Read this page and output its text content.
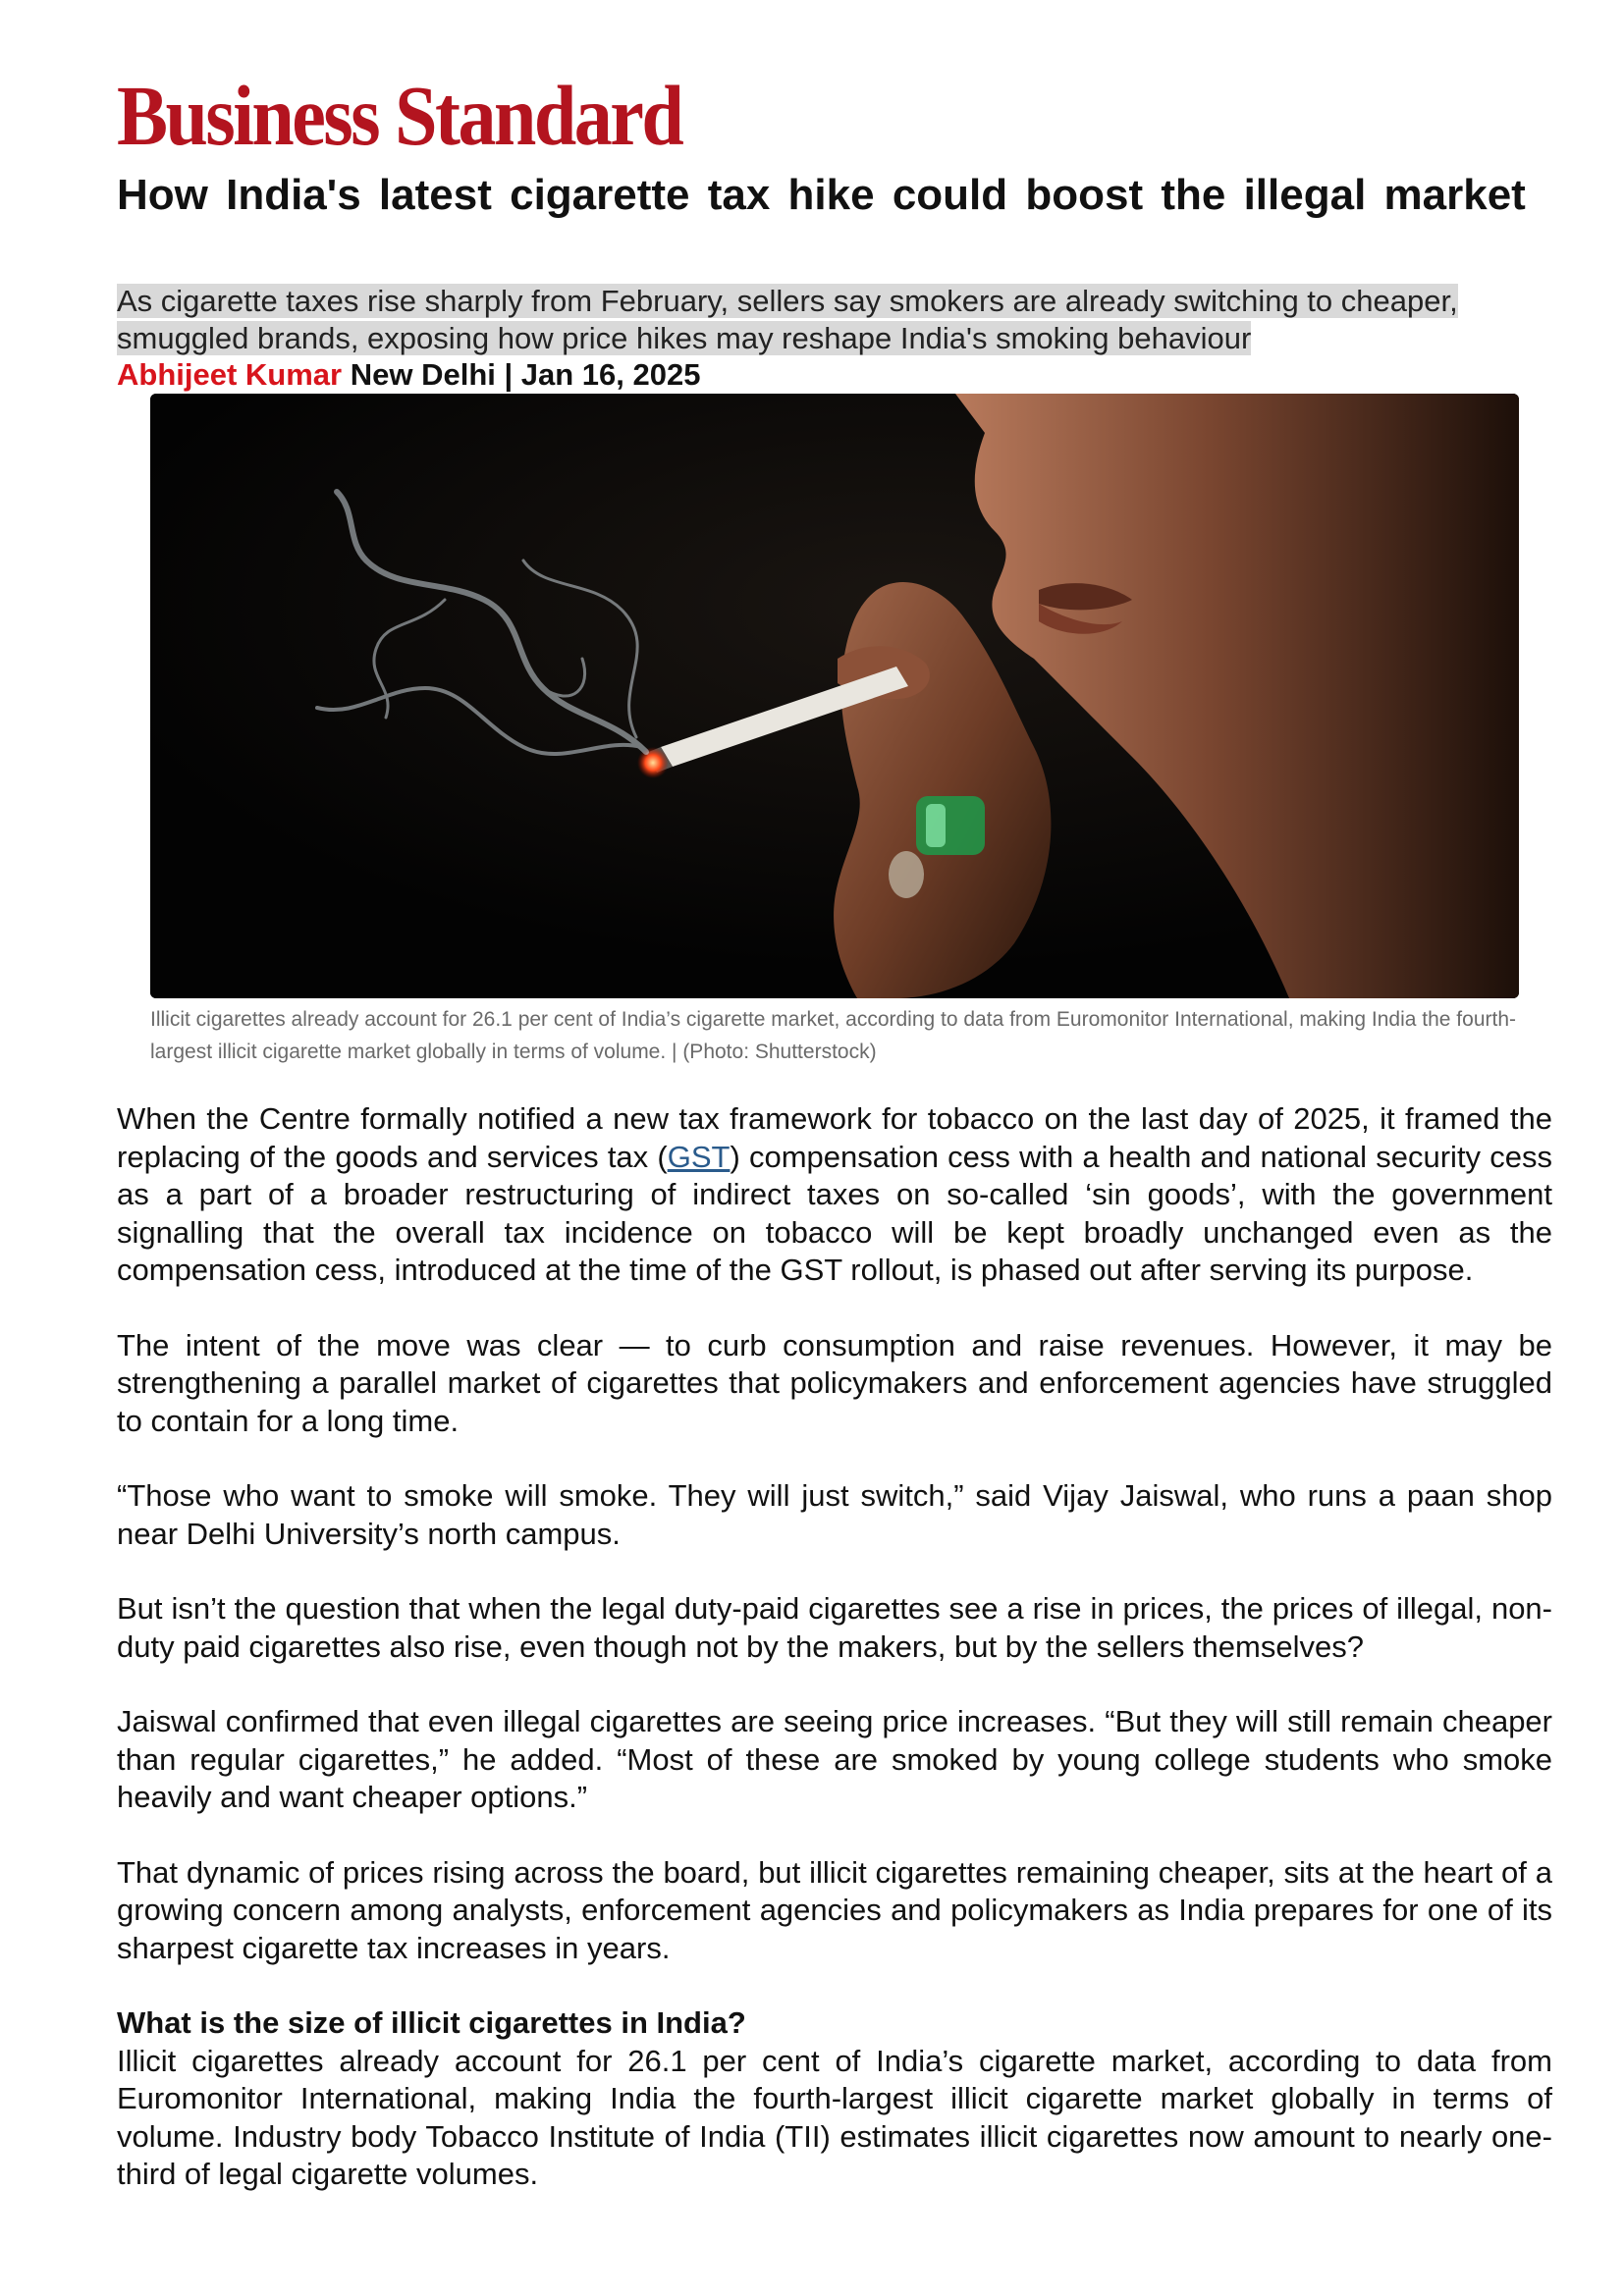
Business Standard
How India's latest cigarette tax hike could boost the illegal market

As cigarette taxes rise sharply from February, sellers say smokers are already switching to cheaper, smuggled brands, exposing how price hikes may reshape India's smoking behaviour

Abhijeet Kumar New Delhi | Jan 16, 2025

Illicit cigarettes already account for 26.1 per cent of India’s cigarette market, according to data from Euromonitor International, making India the fourth-largest illicit cigarette market globally in terms of volume. | (Photo: Shutterstock)

When the Centre formally notified a new tax framework for tobacco on the last day of 2025, it framed the replacing of the goods and services tax (GST) compensation cess with a health and national security cess as a part of a broader restructuring of indirect taxes on so-called ‘sin goods’, with the government signalling that the overall tax incidence on tobacco will be kept broadly unchanged even as the compensation cess, introduced at the time of the GST rollout, is phased out after serving its purpose.

The intent of the move was clear — to curb consumption and raise revenues. However, it may be strengthening a parallel market of cigarettes that policymakers and enforcement agencies have struggled to contain for a long time.

“Those who want to smoke will smoke. They will just switch,” said Vijay Jaiswal, who runs a paan shop near Delhi University’s north campus.

But isn’t the question that when the legal duty-paid cigarettes see a rise in prices, the prices of illegal, non-duty paid cigarettes also rise, even though not by the makers, but by the sellers themselves?

Jaiswal confirmed that even illegal cigarettes are seeing price increases. “But they will still remain cheaper than regular cigarettes,” he added. “Most of these are smoked by young college students who smoke heavily and want cheaper options.”

That dynamic of prices rising across the board, but illicit cigarettes remaining cheaper, sits at the heart of a growing concern among analysts, enforcement agencies and policymakers as India prepares for one of its sharpest cigarette tax increases in years.

What is the size of illicit cigarettes in India?

Illicit cigarettes already account for 26.1 per cent of India’s cigarette market, according to data from Euromonitor International, making India the fourth-largest illicit cigarette market globally in terms of volume. Industry body Tobacco Institute of India (TII) estimates illicit cigarettes now amount to nearly one-third of legal cigarette volumes.
